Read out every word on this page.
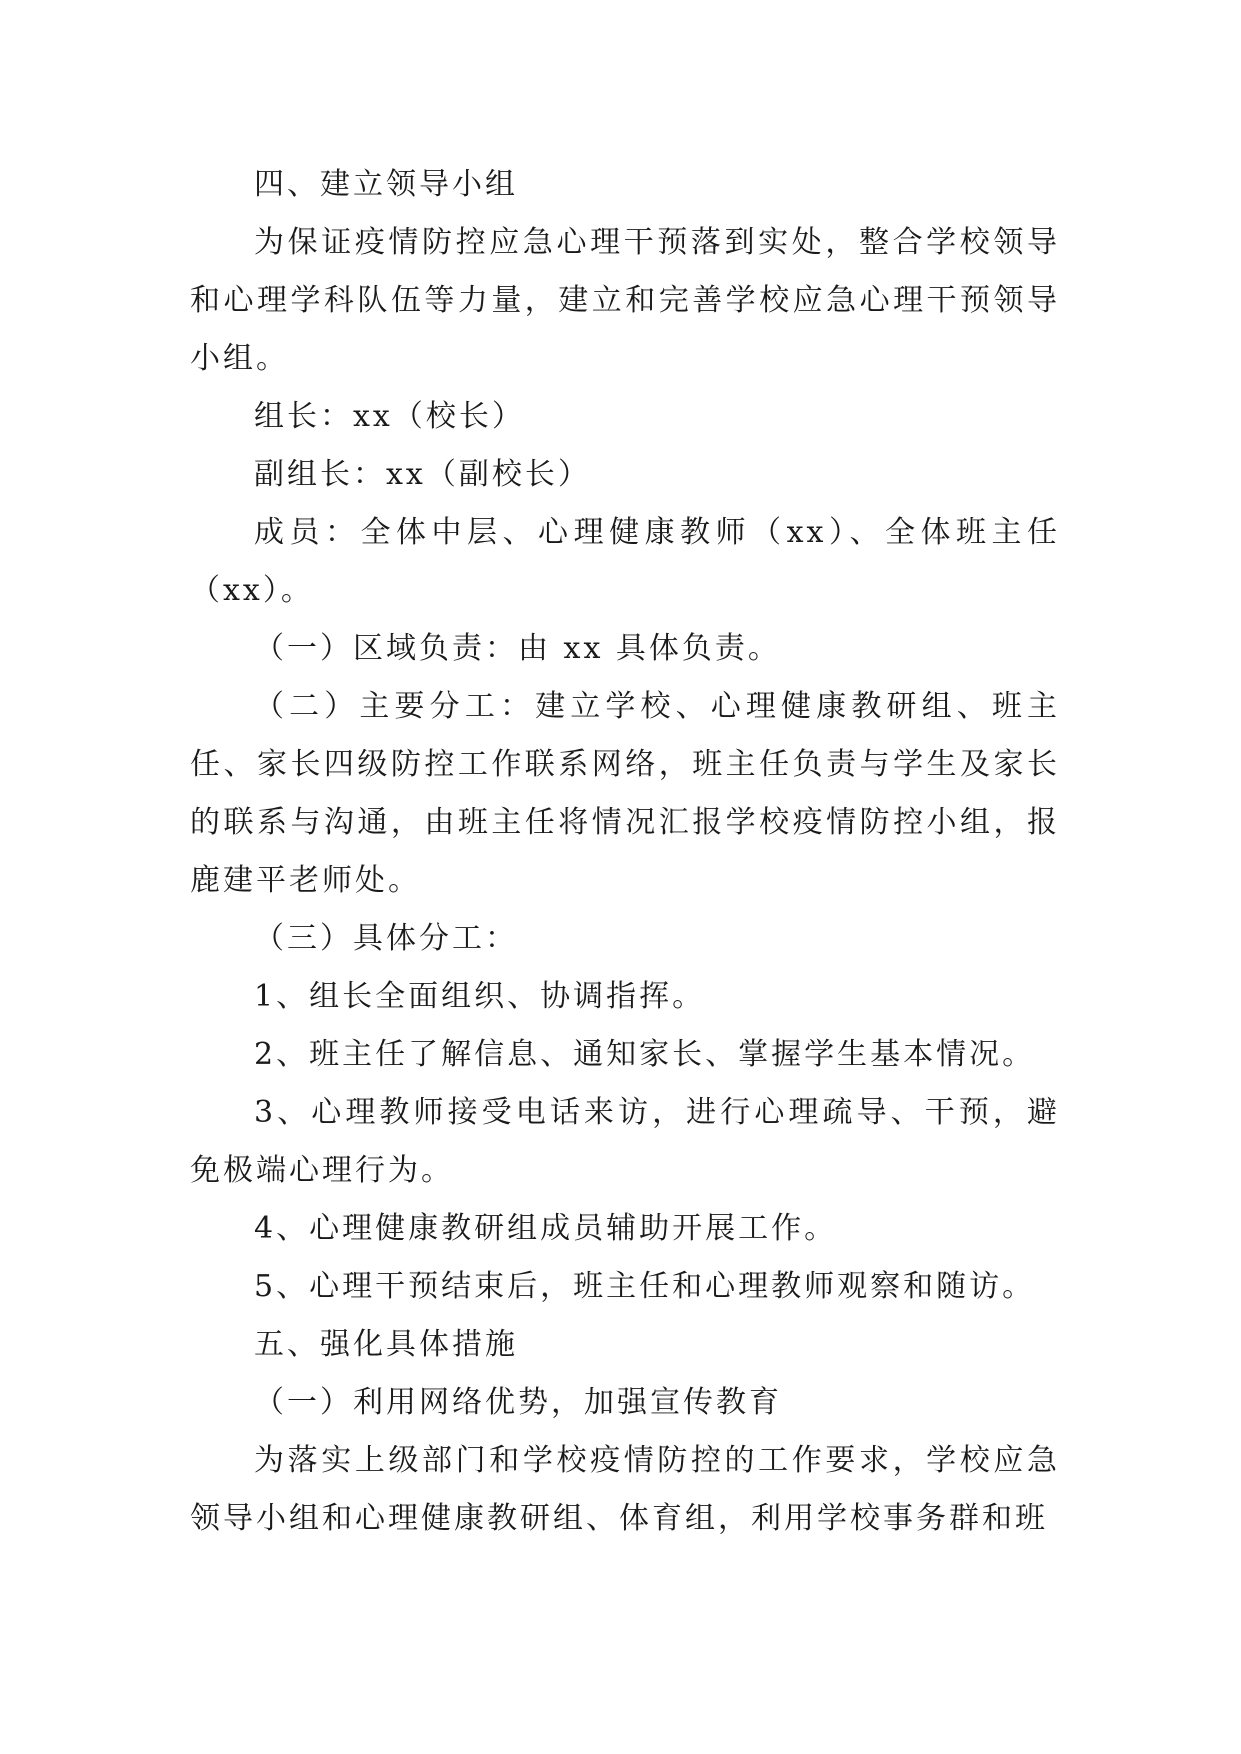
四、建立领导小组

为保证疫情防控应急心理干预落到实处，整合学校领导和心理学科队伍等力量，建立和完善学校应急心理干预领导小组。

组长：xx（校长）

副组长：xx（副校长）

成员：全体中层、心理健康教师（xx）、全体班主任（xx）。

（一）区域负责：由 xx 具体负责。

（二）主要分工：建立学校、心理健康教研组、班主任、家长四级防控工作联系网络，班主任负责与学生及家长的联系与沟通，由班主任将情况汇报学校疫情防控小组，报鹿建平老师处。

（三）具体分工：

1、组长全面组织、协调指挥。

2、班主任了解信息、通知家长、掌握学生基本情况。

3、心理教师接受电话来访，进行心理疏导、干预，避免极端心理行为。

4、心理健康教研组成员辅助开展工作。

5、心理干预结束后，班主任和心理教师观察和随访。

五、强化具体措施

（一）利用网络优势，加强宣传教育

为落实上级部门和学校疫情防控的工作要求，学校应急领导小组和心理健康教研组、体育组，利用学校事务群和班
